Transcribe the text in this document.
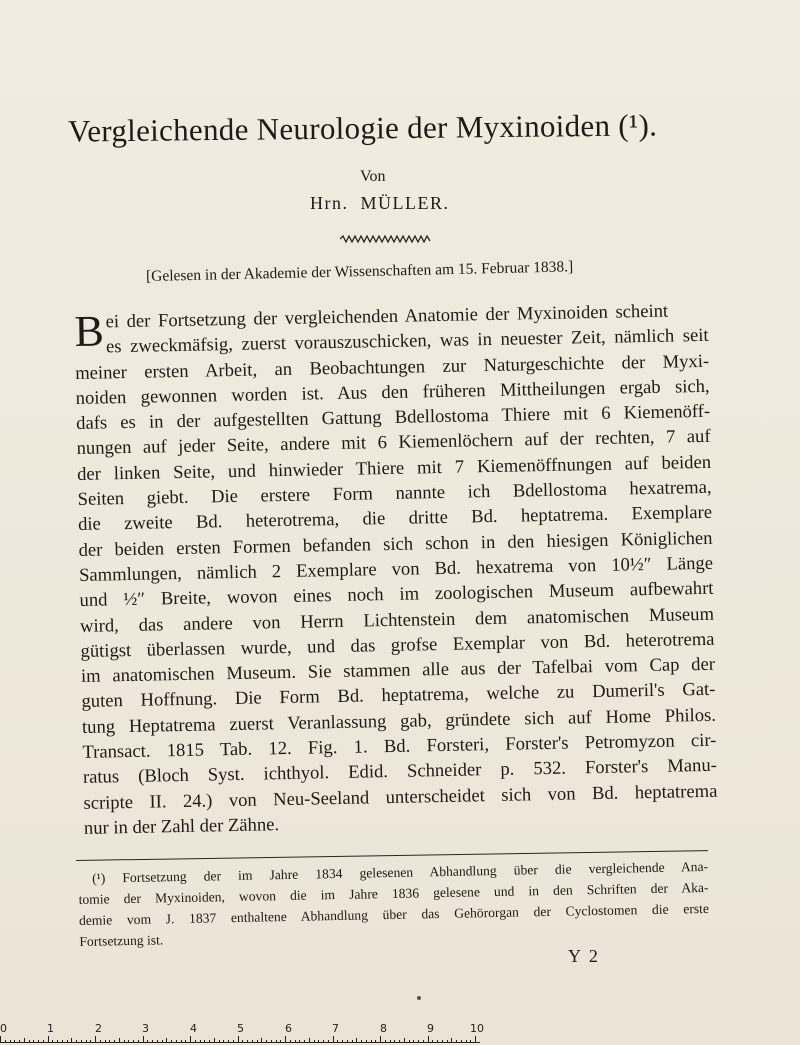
Vergleichende Neurologie der Myxinoiden (¹).
Von
Hrn. MÜLLER.
[Gelesen in der Akademie der Wissenschaften am 15. Februar 1838.]
B ei der Fortsetzung der vergleichenden Anatomie der Myxinoiden scheint
es zweckmäfsig, zuerst vorauszuschicken, was in neuester Zeit, nämlich seit
meiner ersten Arbeit, an Beobachtungen zur Naturgeschichte der Myxi-
noiden gewonnen worden ist. Aus den früheren Mittheilungen ergab sich,
dafs es in der aufgestellten Gattung Bdellostoma Thiere mit 6 Kiemenöff-
nungen auf jeder Seite, andere mit 6 Kiemenlöchern auf der rechten, 7 auf
der linken Seite, und hinwieder Thiere mit 7 Kiemenöffnungen auf beiden
Seiten giebt. Die erstere Form nannte ich Bdellostoma hexatrema,
die zweite Bd. heterotrema, die dritte Bd. heptatrema. Exemplare
der beiden ersten Formen befanden sich schon in den hiesigen Königlichen
Sammlungen, nämlich 2 Exemplare von Bd. hexatrema von 10½″ Länge
und ½″ Breite, wovon eines noch im zoologischen Museum aufbewahrt
wird, das andere von Herrn Lichtenstein dem anatomischen Museum
gütigst überlassen wurde, und das grofse Exemplar von Bd. heterotrema
im anatomischen Museum. Sie stammen alle aus der Tafelbai vom Cap der
guten Hoffnung. Die Form Bd. heptatrema, welche zu Dumeril's Gat-
tung Heptatrema zuerst Veranlassung gab, gründete sich auf Home Philos.
Transact. 1815 Tab. 12. Fig. 1. Bd. Forsteri, Forster's Petromyzon cir-
ratus (Bloch Syst. ichthyol. Edid. Schneider p. 532. Forster's Manu-
scripte II. 24.) von Neu-Seeland unterscheidet sich von Bd. heptatrema
nur in der Zahl der Zähne.
(¹) Fortsetzung der im Jahre 1834 gelesenen Abhandlung über die vergleichende Ana-
tomie der Myxinoiden, wovon die im Jahre 1836 gelesene und in den Schriften der Aka-
demie vom J. 1837 enthaltene Abhandlung über das Gehörorgan der Cyclostomen die erste
Fortsetzung ist.
Y 2
0	1	2	3	4	5	6	7	8	9	10
